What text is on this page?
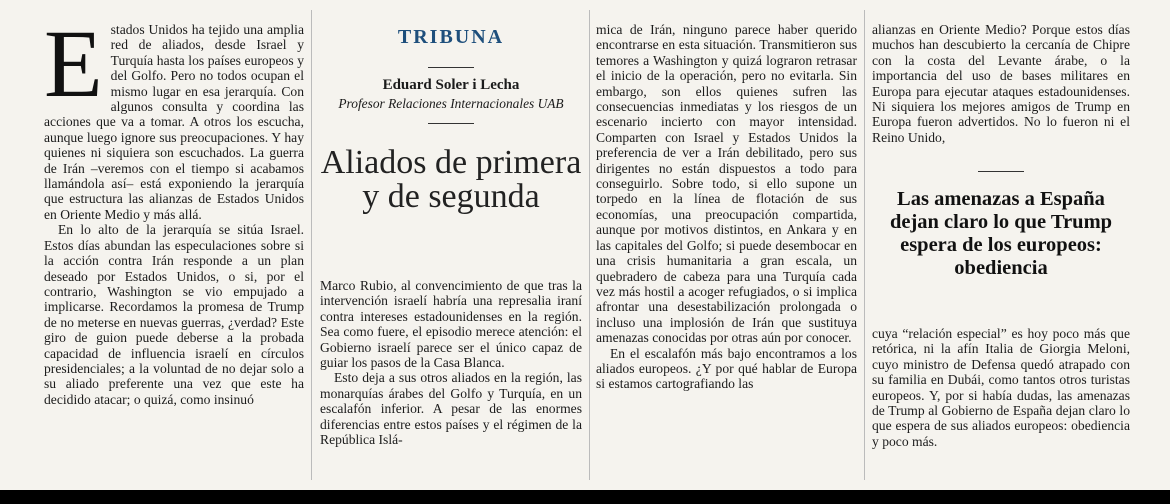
Estados Unidos ha tejido una amplia red de aliados, desde Israel y Turquía hasta los países europeos y del Golfo. Pero no todos ocupan el mismo lugar en esa jerarquía. Con algunos consulta y coordina las acciones que va a tomar. A otros los escucha, aunque luego ignore sus preocupaciones. Y hay quienes ni siquiera son escuchados. La guerra de Irán –veremos con el tiempo si acabamos llamándola así– está exponiendo la jerarquía que estructura las alianzas de Estados Unidos en Oriente Medio y más allá.

En lo alto de la jerarquía se sitúa Israel. Estos días abundan las especulaciones sobre si la acción contra Irán responde a un plan deseado por Estados Unidos, o si, por el contrario, Washington se vio empujado a implicarse. Recordamos la promesa de Trump de no meterse en nuevas guerras, ¿verdad? Este giro de guion puede deberse a la probada capacidad de influencia israelí en círculos presidenciales; a la voluntad de no dejar solo a su aliado preferente una vez que este ha decidido atacar; o quizá, como insinuó

TRIBUNA
Eduard Soler i Lecha
Profesor Relaciones Internacionales UAB
Aliados de primera y de segunda

Marco Rubio, al convencimiento de que tras la intervención israelí habría una represalia iraní contra intereses estadounidenses en la región. Sea como fuere, el episodio merece atención: el Gobierno israelí parece ser el único capaz de guiar los pasos de la Casa Blanca.

Esto deja a sus otros aliados en la región, las monarquías árabes del Golfo y Turquía, en un escalafón inferior. A pesar de las enormes diferencias entre estos países y el régimen de la República Islá-

mica de Irán, ninguno parece haber querido encontrarse en esta situación. Transmitieron sus temores a Washington y quizá lograron retrasar el inicio de la operación, pero no evitarla. Sin embargo, son ellos quienes sufren las consecuencias inmediatas y los riesgos de un escenario incierto con mayor intensidad. Comparten con Israel y Estados Unidos la preferencia de ver a Irán debilitado, pero sus dirigentes no están dispuestos a todo para conseguirlo. Sobre todo, si ello supone un torpedo en la línea de flotación de sus economías, una preocupación compartida, aunque por motivos distintos, en Ankara y en las capitales del Golfo; si puede desembocar en una crisis humanitaria a gran escala, un quebradero de cabeza para una Turquía cada vez más hostil a acoger refugiados, o si implica afrontar una desestabilización prolongada o incluso una implosión de Irán que sustituya amenazas conocidas por otras aún por conocer.

En el escalafón más bajo encontramos a los aliados europeos. ¿Y por qué hablar de Europa si estamos cartografiando las

alianzas en Oriente Medio? Porque estos días muchos han descubierto la cercanía de Chipre con la costa del Levante árabe, o la importancia del uso de bases militares en Europa para ejecutar ataques estadounidenses. Ni siquiera los mejores amigos de Trump en Europa fueron advertidos. No lo fueron ni el Reino Unido,

Las amenazas a España dejan claro lo que Trump espera de los europeos: obediencia

cuya “relación especial” es hoy poco más que retórica, ni la afín Italia de Giorgia Meloni, cuyo ministro de Defensa quedó atrapado con su familia en Dubái, como tantos otros turistas europeos. Y, por si había dudas, las amenazas de Trump al Gobierno de España dejan claro lo que espera de sus aliados europeos: obediencia y poco más.
